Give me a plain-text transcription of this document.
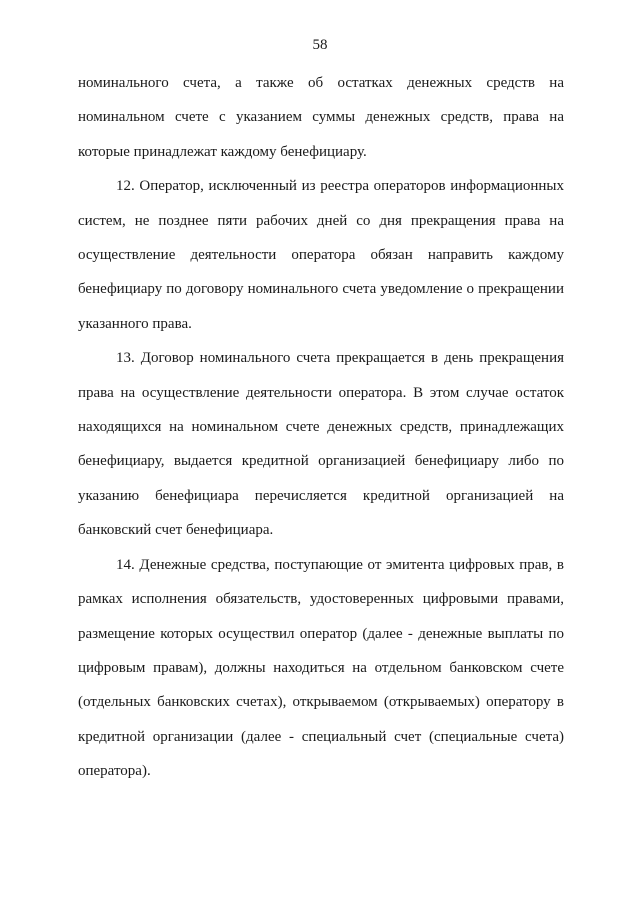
58

номинального счета, а также об остатках денежных средств на номинальном счете с указанием суммы денежных средств, права на которые принадлежат каждому бенефициару.

12. Оператор, исключенный из реестра операторов информационных систем, не позднее пяти рабочих дней со дня прекращения права на осуществление деятельности оператора обязан направить каждому бенефициару по договору номинального счета уведомление о прекращении указанного права.

13. Договор номинального счета прекращается в день прекращения права на осуществление деятельности оператора. В этом случае остаток находящихся на номинальном счете денежных средств, принадлежащих бенефициару, выдается кредитной организацией бенефициару либо по указанию бенефициара перечисляется кредитной организацией на банковский счет бенефициара.

14. Денежные средства, поступающие от эмитента цифровых прав, в рамках исполнения обязательств, удостоверенных цифровыми правами, размещение которых осуществил оператор (далее - денежные выплаты по цифровым правам), должны находиться на отдельном банковском счете (отдельных банковских счетах), открываемом (открываемых) оператору в кредитной организации (далее - специальный счет (специальные счета) оператора).
